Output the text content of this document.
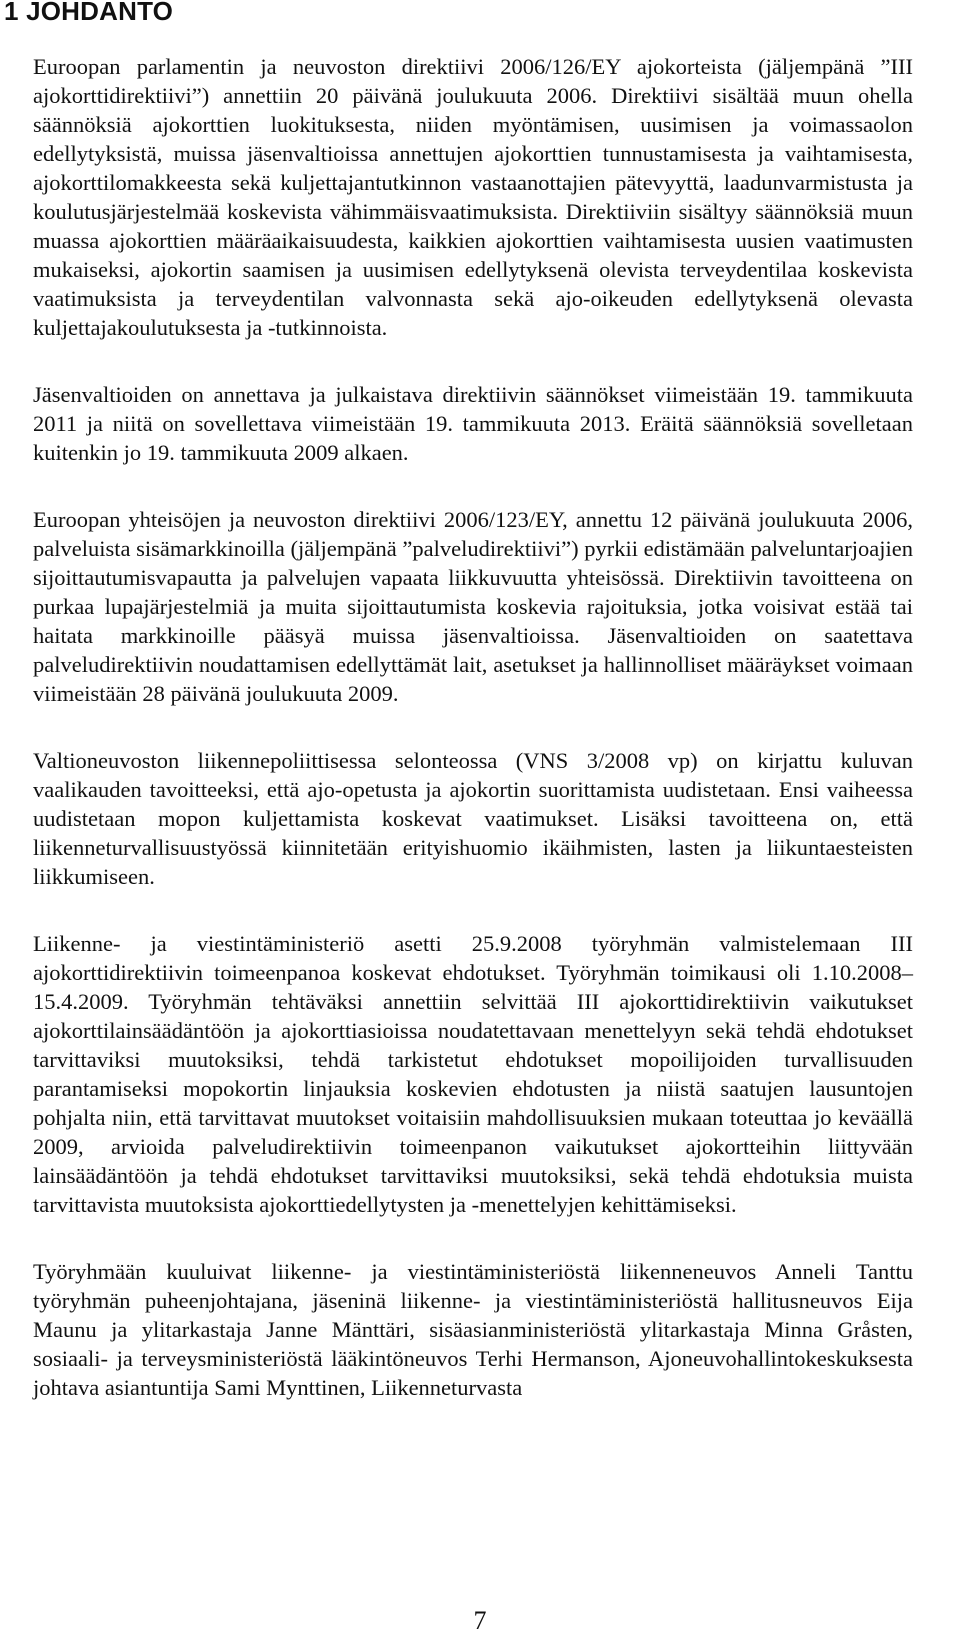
1 JOHDANTO

Euroopan parlamentin ja neuvoston direktiivi 2006/126/EY ajokorteista (jäljempänä ”III ajokorttidirektiivi”) annettiin 20 päivänä joulukuuta 2006. Direktiivi sisältää muun ohella säännöksiä ajokorttien luokituksesta, niiden myöntämisen, uusimisen ja voimassaolon edellytyksistä, muissa jäsenvaltioissa annettujen ajokorttien tunnustamisesta ja vaihtamisesta, ajokorttilomakkeesta sekä kuljettajantutkinnon vastaanottajien pätevyyttä, laadunvarmistusta ja koulutusjärjestelmää koskevista vähimmäisvaatimuksista. Direktiiviin sisältyy säännöksiä muun muassa ajokorttien määräaikaisuudesta, kaikkien ajokorttien vaihtamisesta uusien vaatimusten mukaiseksi, ajokortin saamisen ja uusimisen edellytyksenä olevista terveydentilaa koskevista vaatimuksista ja terveydentilan valvonnasta sekä ajo-oikeuden edellytyksenä olevasta kuljettajakoulutuksesta ja -tutkinnoista.

Jäsenvaltioiden on annettava ja julkaistava direktiivin säännökset viimeistään 19. tammikuuta 2011 ja niitä on sovellettava viimeistään 19. tammikuuta 2013. Eräitä säännöksiä sovelletaan kuitenkin jo 19. tammikuuta 2009 alkaen.

Euroopan yhteisöjen ja neuvoston direktiivi 2006/123/EY, annettu 12 päivänä joulukuuta 2006, palveluista sisämarkkinoilla (jäljempänä ”palveludirektiivi”) pyrkii edistämään palveluntarjoajien sijoittautumisvapautta ja palvelujen vapaata liikkuvuutta yhteisössä. Direktiivin tavoitteena on purkaa lupajärjestelmiä ja muita sijoittautumista koskevia rajoituksia, jotka voisivat estää tai haitata markkinoille pääsyä muissa jäsenvaltioissa. Jäsenvaltioiden on saatettava palveludirektiivin noudattamisen edellyttämät lait, asetukset ja hallinnolliset määräykset voimaan viimeistään 28 päivänä joulukuuta 2009.

Valtioneuvoston liikennepoliittisessa selonteossa (VNS 3/2008 vp) on kirjattu kuluvan vaalikauden tavoitteeksi, että ajo-opetusta ja ajokortin suorittamista uudistetaan. Ensi vaiheessa uudistetaan mopon kuljettamista koskevat vaatimukset. Lisäksi tavoitteena on, että liikenneturvallisuustyössä kiinnitetään erityishuomio ikäihmisten, lasten ja liikuntaesteisten liikkumiseen.

Liikenne- ja viestintäministeriö asetti 25.9.2008 työryhmän valmistelemaan III ajokorttidirektiivin toimeenpanoa koskevat ehdotukset. Työryhmän toimikausi oli 1.10.2008–15.4.2009. Työryhmän tehtäväksi annettiin selvittää III ajokorttidirektiivin vaikutukset ajokorttilainsäädäntöön ja ajokorttiasioissa noudatettavaan menettelyyn sekä tehdä ehdotukset tarvittaviksi muutoksiksi, tehdä tarkistetut ehdotukset mopoilijoiden turvallisuuden parantamiseksi mopokortin linjauksia koskevien ehdotusten ja niistä saatujen lausuntojen pohjalta niin, että tarvittavat muutokset voitaisiin mahdollisuuksien mukaan toteuttaa jo keväällä 2009, arvioida palveludirektiivin toimeenpanon vaikutukset ajokortteihin liittyvään lainsäädäntöön ja tehdä ehdotukset tarvittaviksi muutoksiksi, sekä tehdä ehdotuksia muista tarvittavista muutoksista ajokorttiedellytysten ja -menettelyjen kehittämiseksi.

Työryhmään kuuluivat liikenne- ja viestintäministeriöstä liikenneneuvos Anneli Tanttu työryhmän puheenjohtajana, jäseninä liikenne- ja viestintäministeriöstä hallitusneuvos Eija Maunu ja ylitarkastaja Janne Mänttäri, sisäasianministeriöstä ylitarkastaja Minna Gråsten, sosiaali- ja terveysministeriöstä lääkintöneuvos Terhi Hermanson, Ajoneuvohallintokeskuksesta johtava asiantuntija Sami Mynttinen, Liikenneturvasta

7
